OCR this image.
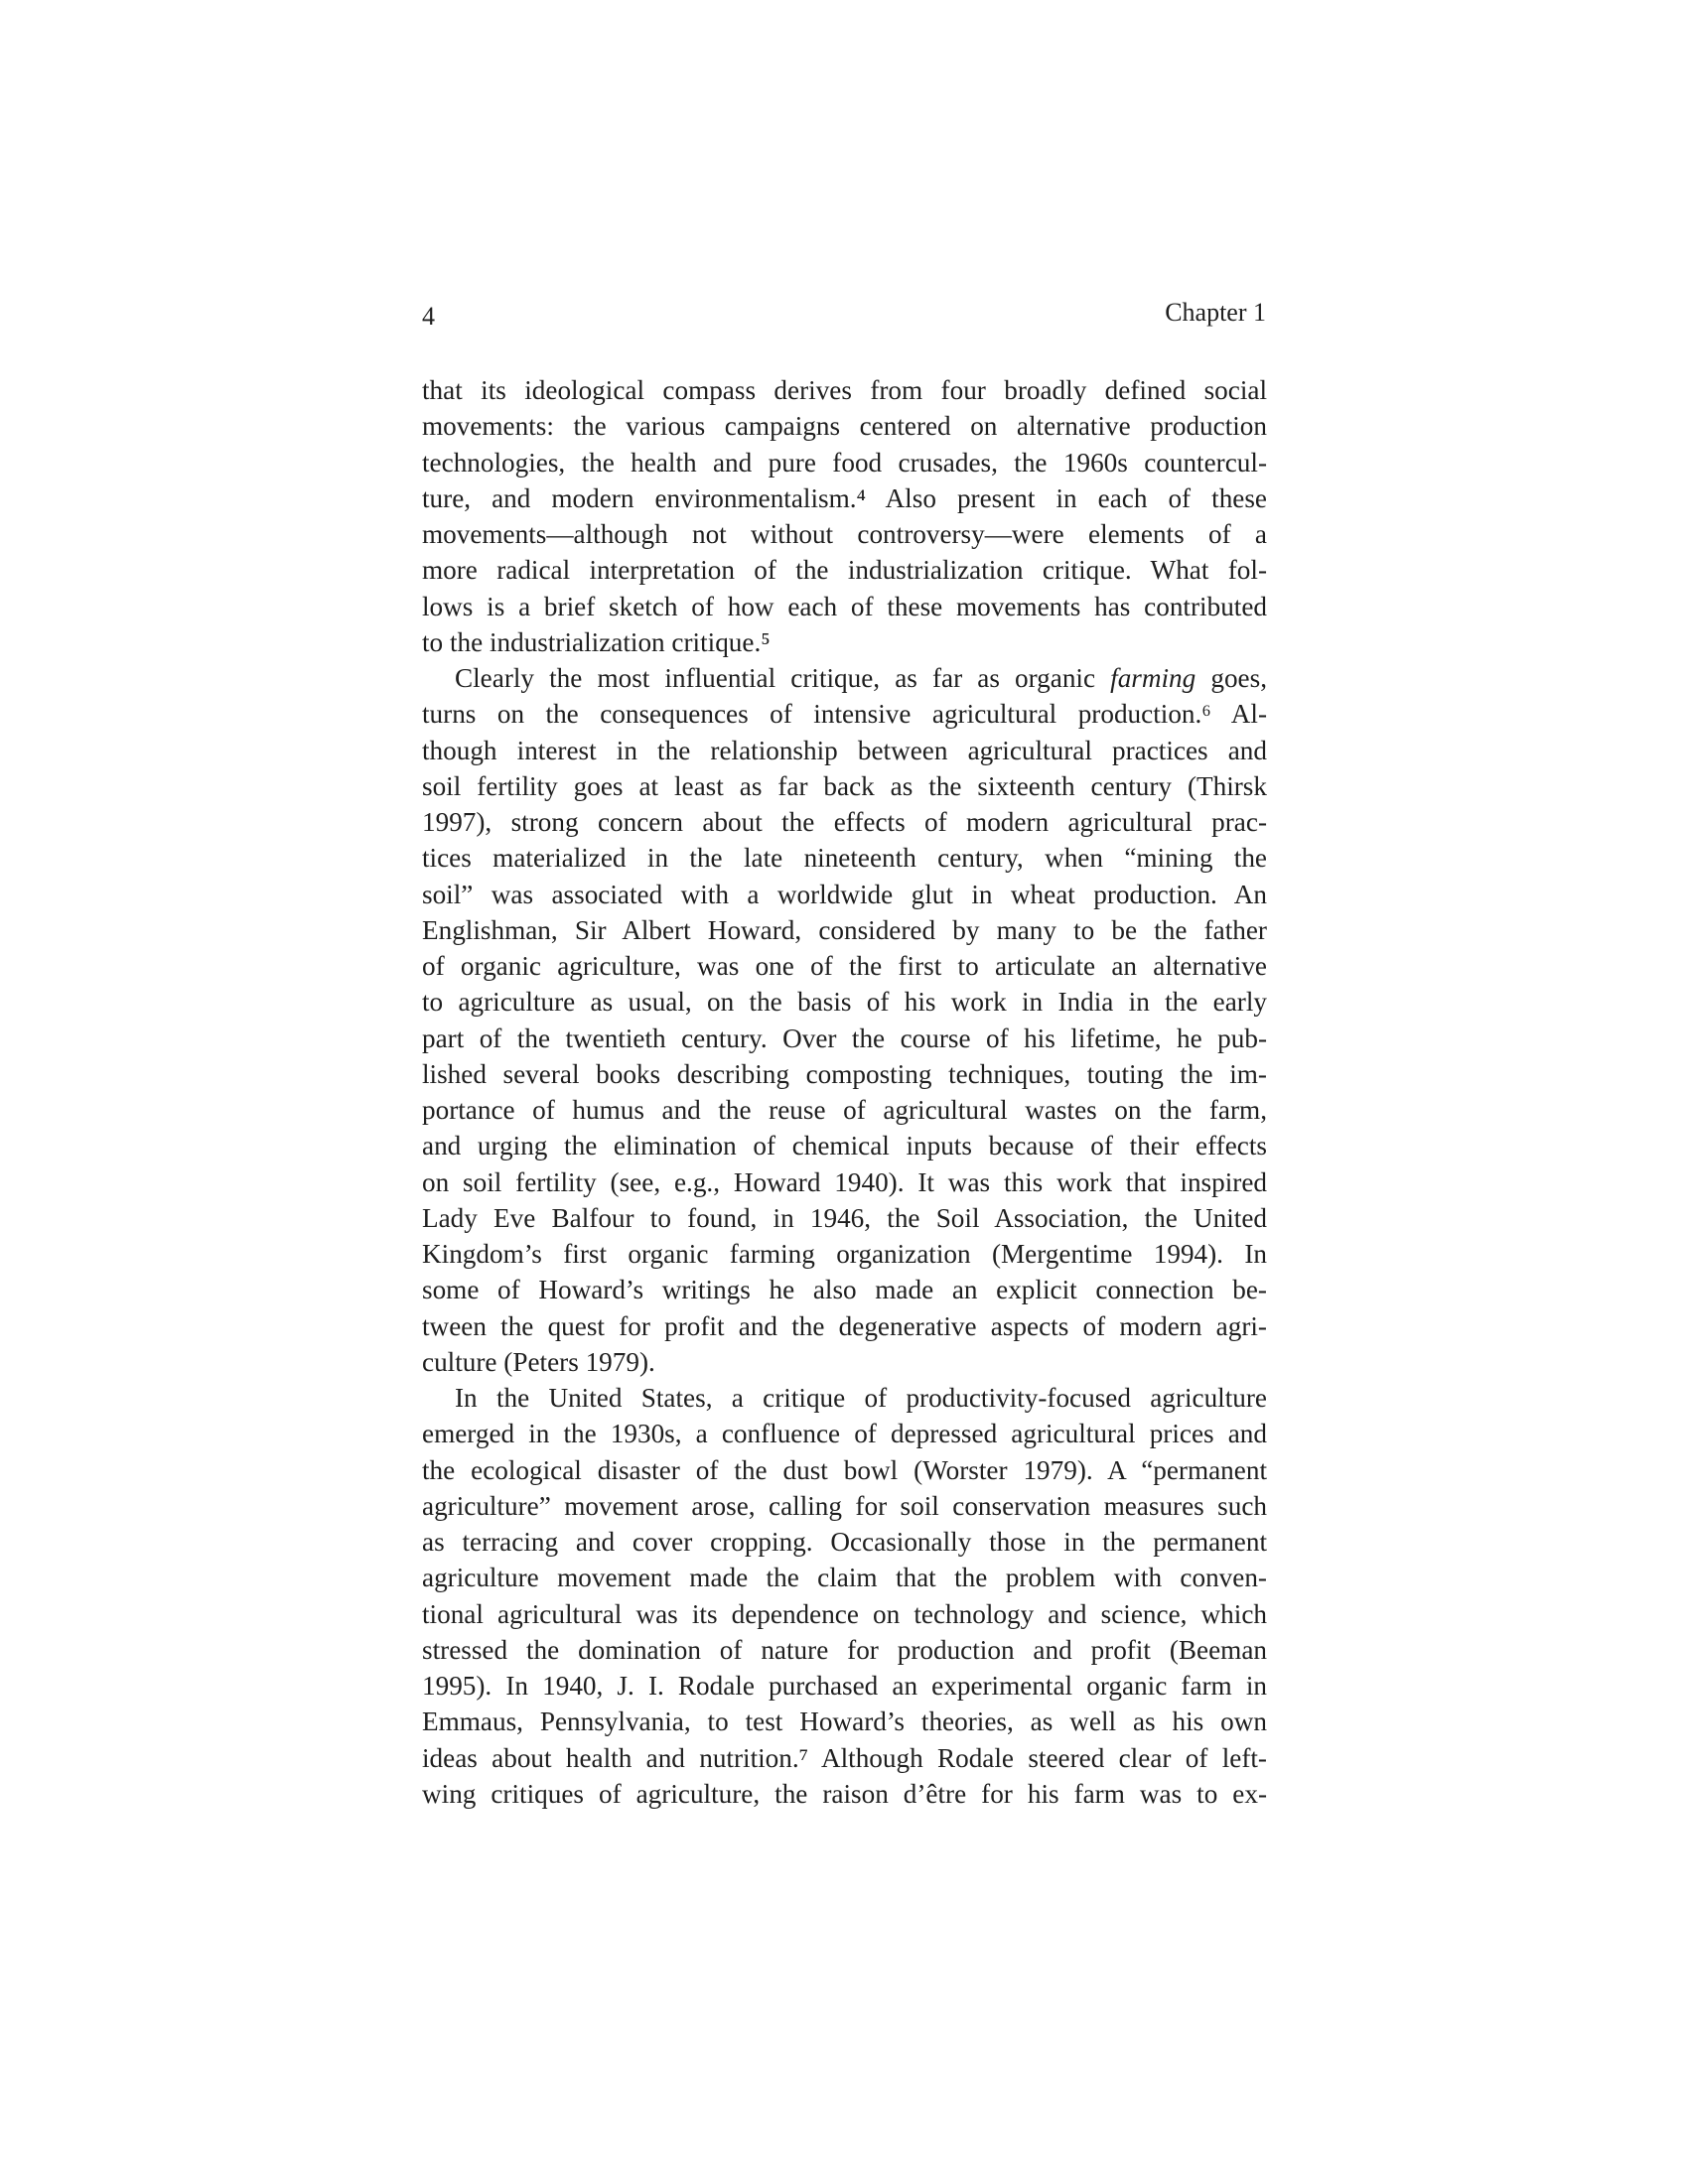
4	Chapter 1
that its ideological compass derives from four broadly defined social
movements: the various campaigns centered on alternative production
technologies, the health and pure food crusades, the 1960s countercul-
ture, and modern environmentalism.⁴ Also present in each of these
movements—although not without controversy—were elements of a
more radical interpretation of the industrialization critique. What fol-
lows is a brief sketch of how each of these movements has contributed
to the industrialization critique.⁵
Clearly the most influential critique, as far as organic farming goes,
turns on the consequences of intensive agricultural production.⁶ Al-
though interest in the relationship between agricultural practices and
soil fertility goes at least as far back as the sixteenth century (Thirsk
1997), strong concern about the effects of modern agricultural prac-
tices materialized in the late nineteenth century, when “mining the
soil” was associated with a worldwide glut in wheat production. An
Englishman, Sir Albert Howard, considered by many to be the father
of organic agriculture, was one of the first to articulate an alternative
to agriculture as usual, on the basis of his work in India in the early
part of the twentieth century. Over the course of his lifetime, he pub-
lished several books describing composting techniques, touting the im-
portance of humus and the reuse of agricultural wastes on the farm,
and urging the elimination of chemical inputs because of their effects
on soil fertility (see, e.g., Howard 1940). It was this work that inspired
Lady Eve Balfour to found, in 1946, the Soil Association, the United
Kingdom’s first organic farming organization (Mergentime 1994). In
some of Howard’s writings he also made an explicit connection be-
tween the quest for profit and the degenerative aspects of modern agri-
culture (Peters 1979).
In the United States, a critique of productivity-focused agriculture
emerged in the 1930s, a confluence of depressed agricultural prices and
the ecological disaster of the dust bowl (Worster 1979). A “permanent
agriculture” movement arose, calling for soil conservation measures such
as terracing and cover cropping. Occasionally those in the permanent
agriculture movement made the claim that the problem with conven-
tional agricultural was its dependence on technology and science, which
stressed the domination of nature for production and profit (Beeman
1995). In 1940, J. I. Rodale purchased an experimental organic farm in
Emmaus, Pennsylvania, to test Howard’s theories, as well as his own
ideas about health and nutrition.⁷ Although Rodale steered clear of left-
wing critiques of agriculture, the raison d’être for his farm was to ex-
